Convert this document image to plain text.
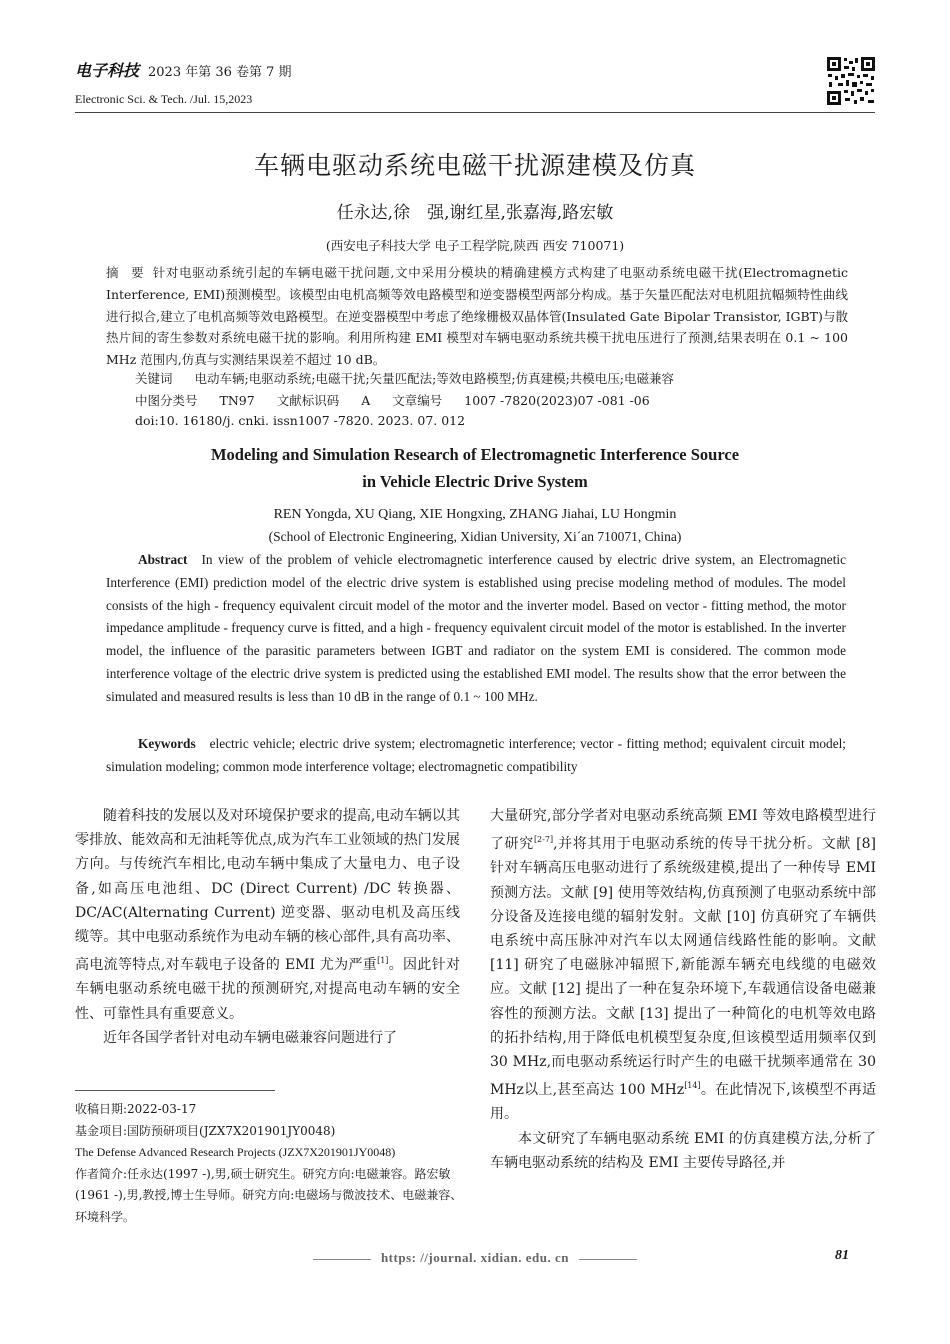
电子科技 2023 年第 36 卷第 7 期
Electronic Sci. & Tech. /Jul. 15,2023
车辆电驱动系统电磁干扰源建模及仿真
任永达,徐　强,谢红星,张嘉海,路宏敏
(西安电子科技大学 电子工程学院,陕西 西安 710071)
摘　要 针对电驱动系统引起的车辆电磁干扰问题,文中采用分模块的精确建模方式构建了电驱动系统电磁干扰(Electromagnetic Interference, EMI)预测模型。该模型由电机高频等效电路模型和逆变器模型两部分构成。基于矢量匹配法对电机阻抗幅频特性曲线进行拟合,建立了电机高频等效电路模型。在逆变器模型中考虑了绝缘栅极双晶体管(Insulated Gate Bipolar Transistor, IGBT)与散热片间的寄生参数对系统电磁干扰的影响。利用所构建 EMI 模型对车辆电驱动系统共模干扰电压进行了预测,结果表明在 0.1 ~ 100 MHz 范围内,仿真与实测结果误差不超过 10 dB。
关键词 电动车辆;电驱动系统;电磁干扰;矢量匹配法;等效电路模型;仿真建模;共模电压;电磁兼容
中图分类号 TN97 文献标识码 A 文章编号 1007 -7820(2023)07 -081 -06
doi:10. 16180/j. cnki. issn1007 -7820. 2023. 07. 012
Modeling and Simulation Research of Electromagnetic Interference Source
in Vehicle Electric Drive System
REN Yongda, XU Qiang, XIE Hongxing, ZHANG Jiahai, LU Hongmin
(School of Electronic Engineering, Xidian University, Xi´an 710071, China)
Abstract In view of the problem of vehicle electromagnetic interference caused by electric drive system, an Electromagnetic Interference (EMI) prediction model of the electric drive system is established using precise modeling method of modules. The model consists of the high - frequency equivalent circuit model of the motor and the inverter model. Based on vector - fitting method, the motor impedance amplitude - frequency curve is fitted, and a high - frequency equivalent circuit model of the motor is established. In the inverter model, the influence of the parasitic parameters between IGBT and radiator on the system EMI is considered. The common mode interference voltage of the electric drive system is predicted using the established EMI model. The results show that the error between the simulated and measured results is less than 10 dB in the range of 0.1 ~ 100 MHz.
Keywords electric vehicle; electric drive system; electromagnetic interference; vector - fitting method; equivalent circuit model; simulation modeling; common mode interference voltage; electromagnetic compatibility

随着科技的发展以及对环境保护要求的提高,电动车辆以其零排放、能效高和无油耗等优点,成为汽车工业领域的热门发展方向。与传统汽车相比,电动车辆中集成了大量电力、电子设备,如高压电池组、DC (Direct Current) /DC 转换器、DC/AC(Alternating Current) 逆变器、驱动电机及高压线缆等。其中电驱动系统作为电动车辆的核心部件,具有高功率、高电流等特点,对车载电子设备的 EMI 尤为严重[1]。因此针对车辆电驱动系统电磁干扰的预测研究,对提高电动车辆的安全性、可靠性具有重要意义。

近年各国学者针对电动车辆电磁兼容问题进行了

收稿日期:2022-03-17
基金项目:国防预研项目(JZX7X201901JY0048)
The Defense Advanced Research Projects (JZX7X201901JY0048)
作者简介:任永达(1997 -),男,硕士研究生。研究方向:电磁兼容。路宏敏(1961 -),男,教授,博士生导师。研究方向:电磁场与微波技术、电磁兼容、环境科学。

大量研究,部分学者对电驱动系统高频 EMI 等效电路模型进行了研究[2-7],并将其用于电驱动系统的传导干扰分析。文献 [8] 针对车辆高压电驱动进行了系统级建模,提出了一种传导 EMI 预测方法。文献 [9] 使用等效结构,仿真预测了电驱动系统中部分设备及连接电缆的辐射发射。文献 [10] 仿真研究了车辆供电系统中高压脉冲对汽车以太网通信线路性能的影响。文献 [11] 研究了电磁脉冲辐照下,新能源车辆充电线缆的电磁效应。文献 [12] 提出了一种在复杂环境下,车载通信设备电磁兼容性的预测方法。文献 [13] 提出了一种简化的电机等效电路的拓扑结构,用于降低电机模型复杂度,但该模型适用频率仅到 30 MHz,而电驱动系统运行时产生的电磁干扰频率通常在 30 MHz以上,甚至高达 100 MHz[14]。在此情况下,该模型不再适用。

本文研究了车辆电驱动系统 EMI 的仿真建模方法,分析了车辆电驱动系统的结构及 EMI 主要传导路径,并

https: //journal. xidian. edu. cn	81
